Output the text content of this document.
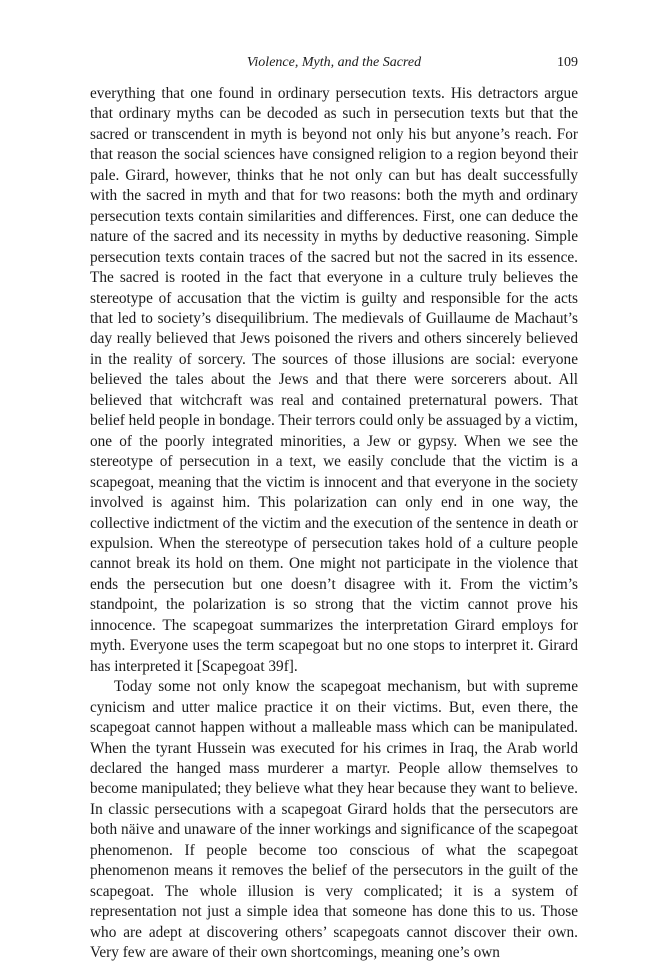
Violence, Myth, and the Sacred	109

everything that one found in ordinary persecution texts. His detractors argue that ordinary myths can be decoded as such in persecution texts but that the sacred or transcendent in myth is beyond not only his but anyone’s reach. For that reason the social sciences have consigned religion to a region beyond their pale. Girard, however, thinks that he not only can but has dealt successfully with the sacred in myth and that for two reasons: both the myth and ordinary persecution texts contain similarities and differences. First, one can deduce the nature of the sacred and its necessity in myths by deductive reasoning. Simple persecution texts contain traces of the sacred but not the sacred in its essence. The sacred is rooted in the fact that everyone in a culture truly believes the stereotype of accusation that the victim is guilty and responsible for the acts that led to society’s disequilibrium. The medievals of Guillaume de Machaut’s day really believed that Jews poisoned the rivers and others sincerely believed in the reality of sorcery. The sources of those illusions are social: everyone believed the tales about the Jews and that there were sorcerers about. All believed that witchcraft was real and contained preternatural powers. That belief held people in bondage. Their terrors could only be assuaged by a victim, one of the poorly integrated minorities, a Jew or gypsy. When we see the stereotype of persecution in a text, we easily conclude that the victim is a scapegoat, meaning that the victim is innocent and that everyone in the society involved is against him. This polarization can only end in one way, the collective indictment of the victim and the execution of the sentence in death or expulsion. When the stereotype of persecution takes hold of a culture people cannot break its hold on them. One might not participate in the violence that ends the persecution but one doesn’t disagree with it. From the victim’s standpoint, the polarization is so strong that the victim cannot prove his innocence. The scapegoat summarizes the interpretation Girard employs for myth. Everyone uses the term scapegoat but no one stops to interpret it. Girard has interpreted it [Scapegoat 39f].

Today some not only know the scapegoat mechanism, but with supreme cynicism and utter malice practice it on their victims. But, even there, the scapegoat cannot happen without a malleable mass which can be manipulated. When the tyrant Hussein was executed for his crimes in Iraq, the Arab world declared the hanged mass murderer a martyr. People allow themselves to become manipulated; they believe what they hear because they want to believe. In classic persecutions with a scapegoat Girard holds that the persecutors are both näive and unaware of the inner workings and significance of the scapegoat phenomenon. If people become too conscious of what the scapegoat phenomenon means it removes the belief of the persecutors in the guilt of the scapegoat. The whole illusion is very complicated; it is a system of representation not just a simple idea that someone has done this to us. Those who are adept at discovering others’ scapegoats cannot discover their own. Very few are aware of their own shortcomings, meaning one’s own
